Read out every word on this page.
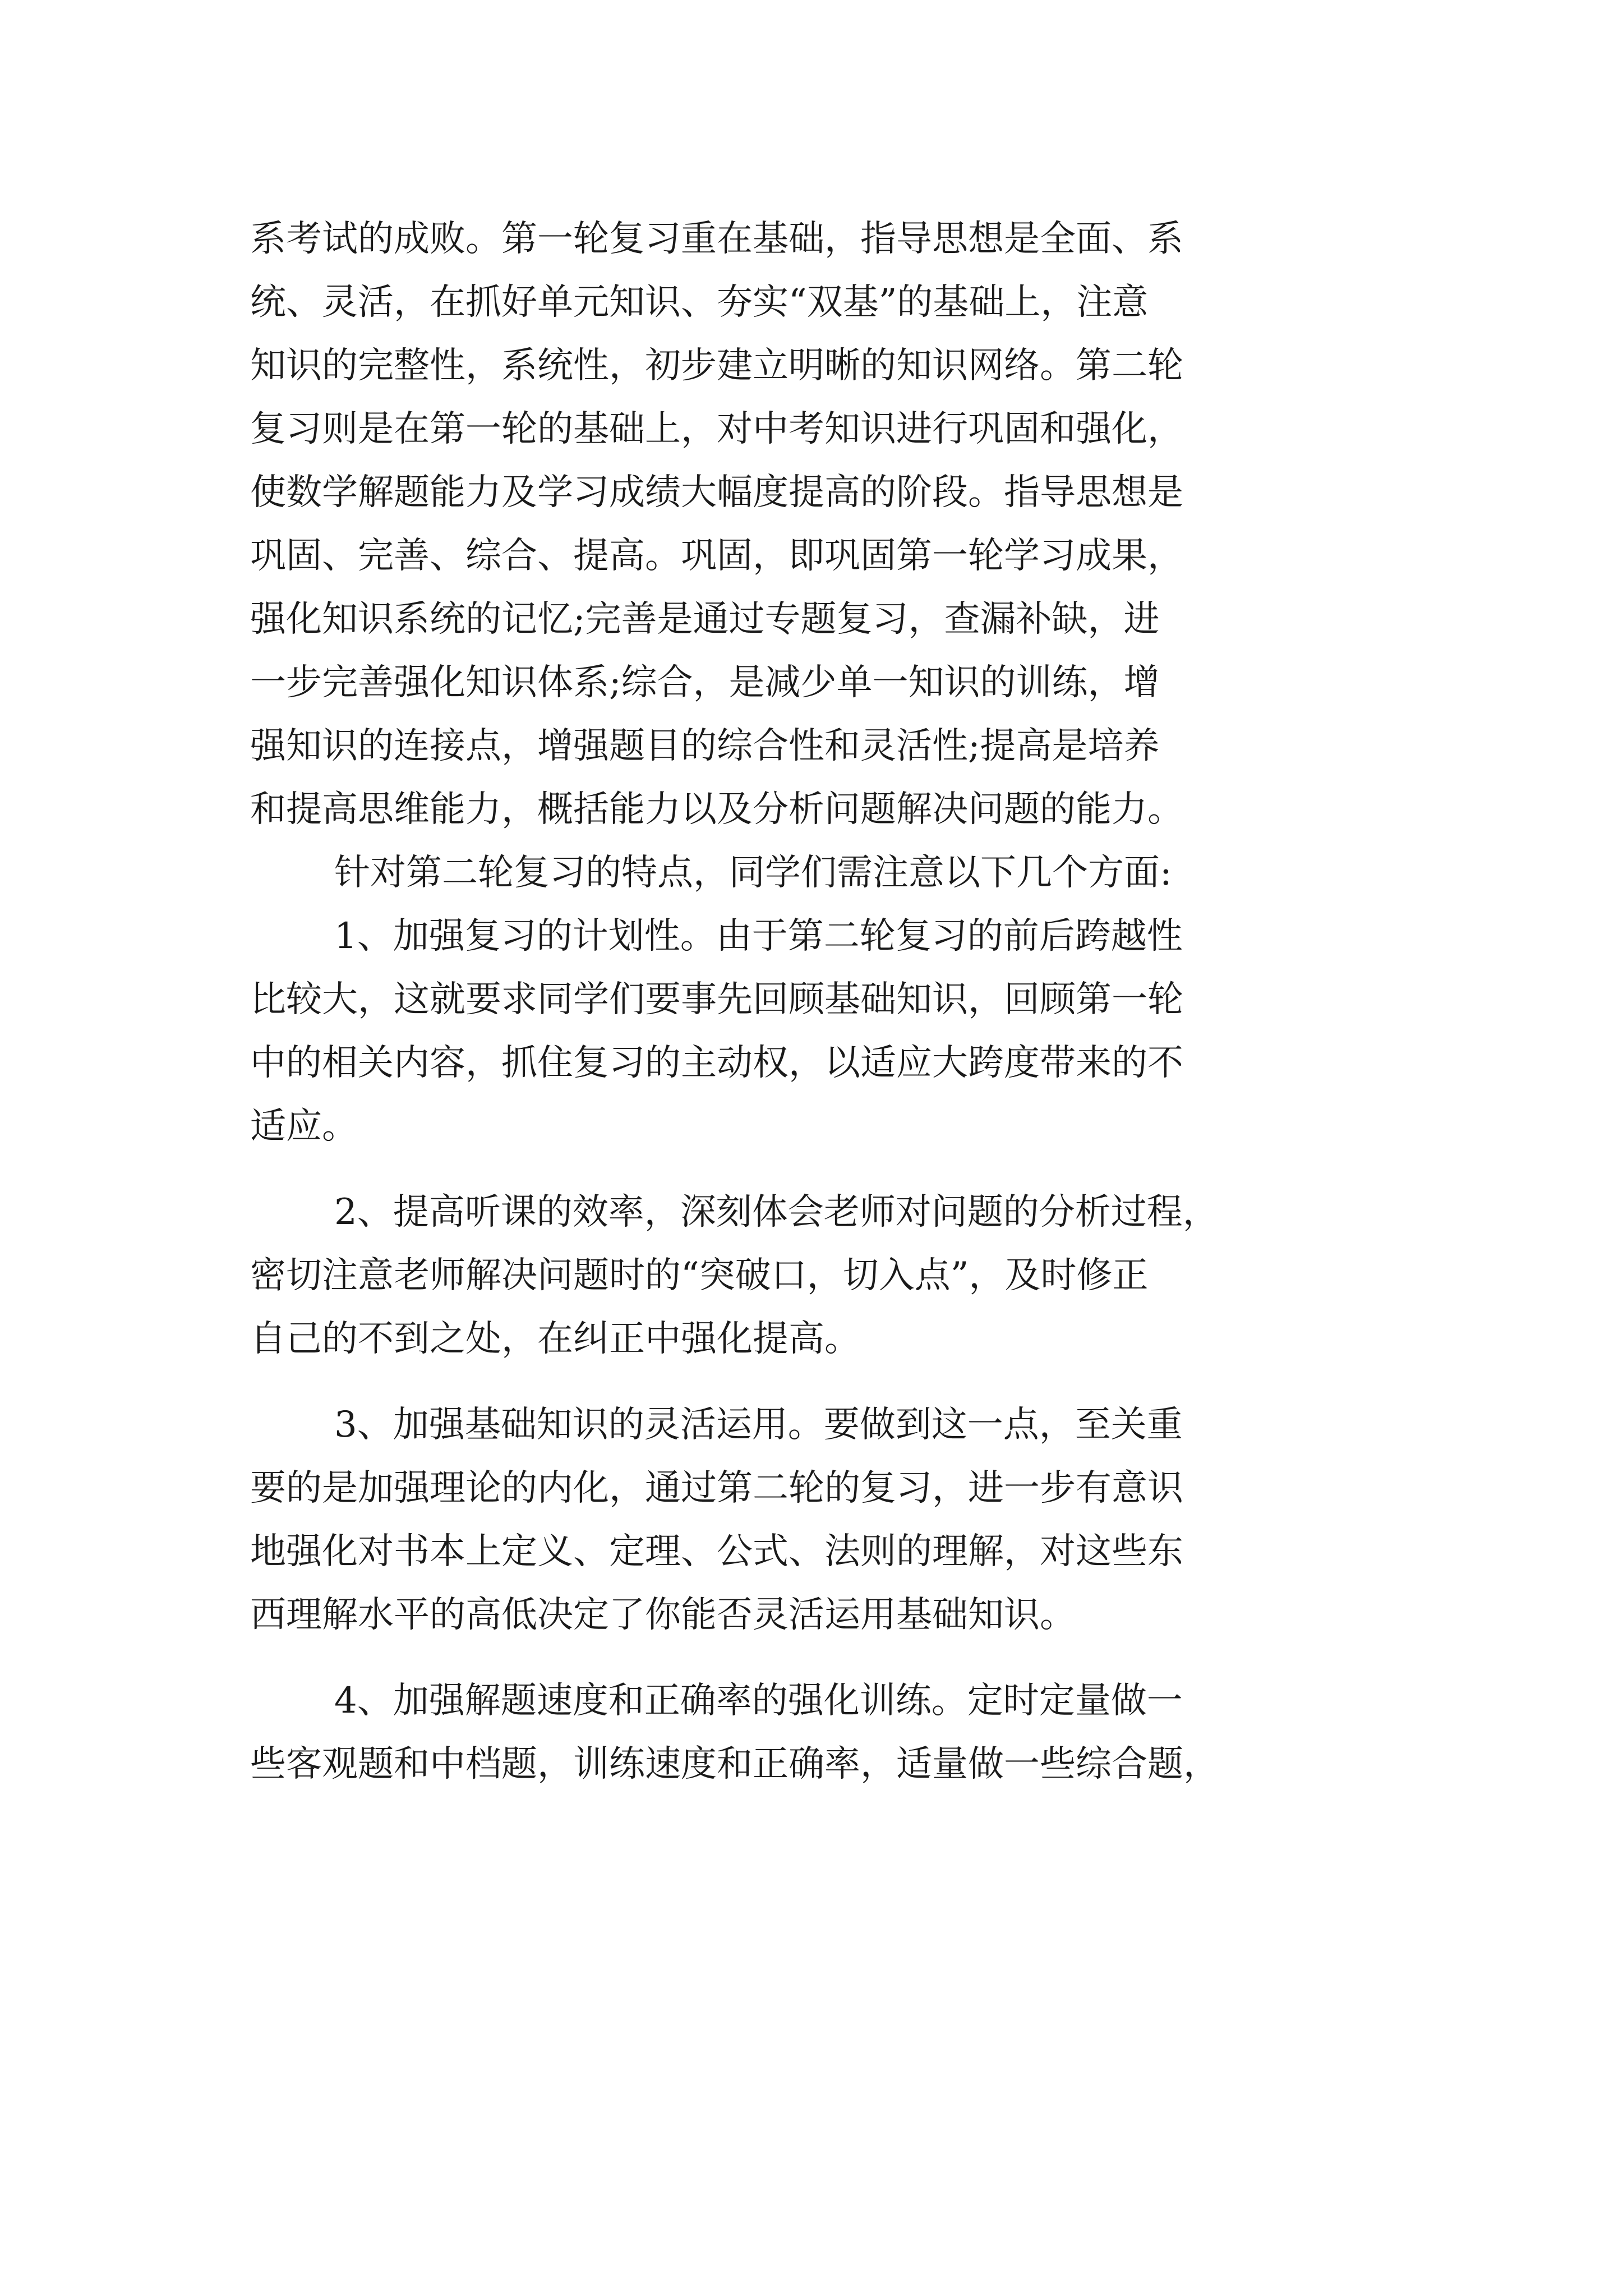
系考试的成败。第一轮复习重在基础，指导思想是全面、系
统、灵活，在抓好单元知识、夯实“双基”的基础上，注意
知识的完整性，系统性，初步建立明晰的知识网络。第二轮
复习则是在第一轮的基础上，对中考知识进行巩固和强化，
使数学解题能力及学习成绩大幅度提高的阶段。指导思想是
巩固、完善、综合、提高。巩固，即巩固第一轮学习成果，
强化知识系统的记忆;完善是通过专题复习，查漏补缺，进
一步完善强化知识体系;综合，是减少单一知识的训练，增
强知识的连接点，增强题目的综合性和灵活性;提高是培养
和提高思维能力，概括能力以及分析问题解决问题的能力。
针对第二轮复习的特点，同学们需注意以下几个方面:
1、加强复习的计划性。由于第二轮复习的前后跨越性
比较大，这就要求同学们要事先回顾基础知识，回顾第一轮
中的相关内容，抓住复习的主动权，以适应大跨度带来的不
适应。
2、提高听课的效率，深刻体会老师对问题的分析过程，
密切注意老师解决问题时的“突破口，切入点”，及时修正
自己的不到之处，在纠正中强化提高。
3、加强基础知识的灵活运用。要做到这一点，至关重
要的是加强理论的内化，通过第二轮的复习，进一步有意识
地强化对书本上定义、定理、公式、法则的理解，对这些东
西理解水平的高低决定了你能否灵活运用基础知识。
4、加强解题速度和正确率的强化训练。定时定量做一
些客观题和中档题，训练速度和正确率，适量做一些综合题，
